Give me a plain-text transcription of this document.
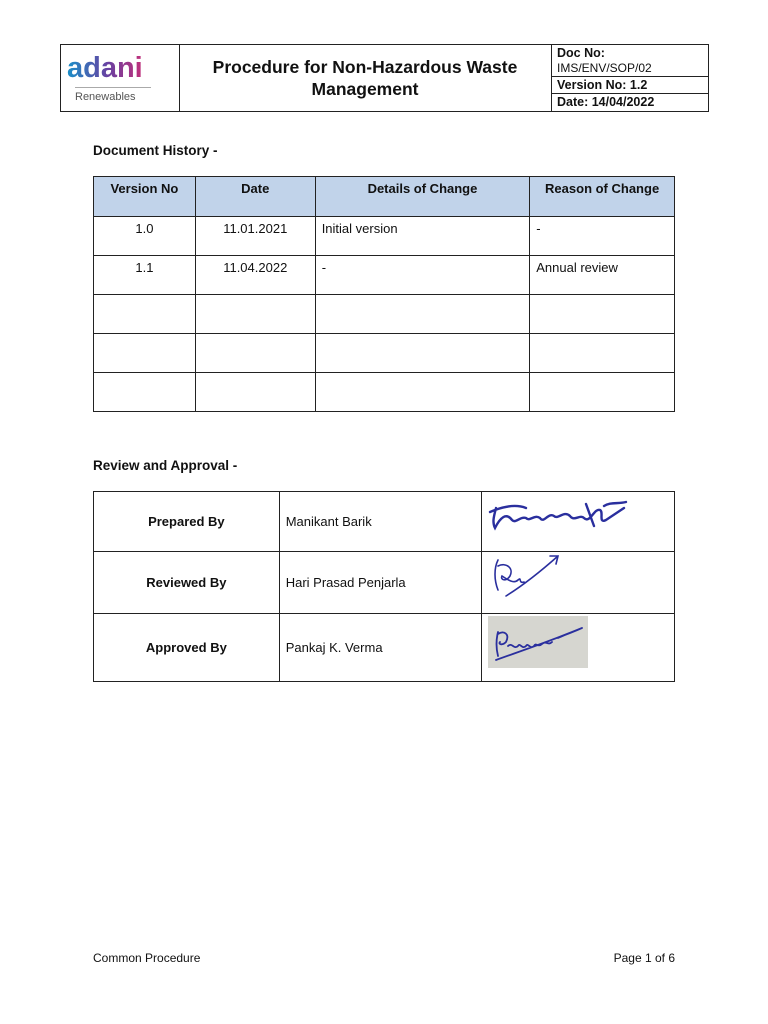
adani
Renewables
Procedure for Non-Hazardous Waste Management
Doc No:
IMS/ENV/SOP/02
Version No: 1.2
Date: 14/04/2022
Document History -
Version No	Date	Details of Change	Reason of Change
1.0	11.01.2021	Initial version	-
1.1	11.04.2022	-	Annual review

Review and Approval -
Prepared By	Manikant Barik	

Reviewed By	Hari Prasad Penjarla	

Approved By	Pankaj K. Verma	
Common Procedure	Page 1 of 6
